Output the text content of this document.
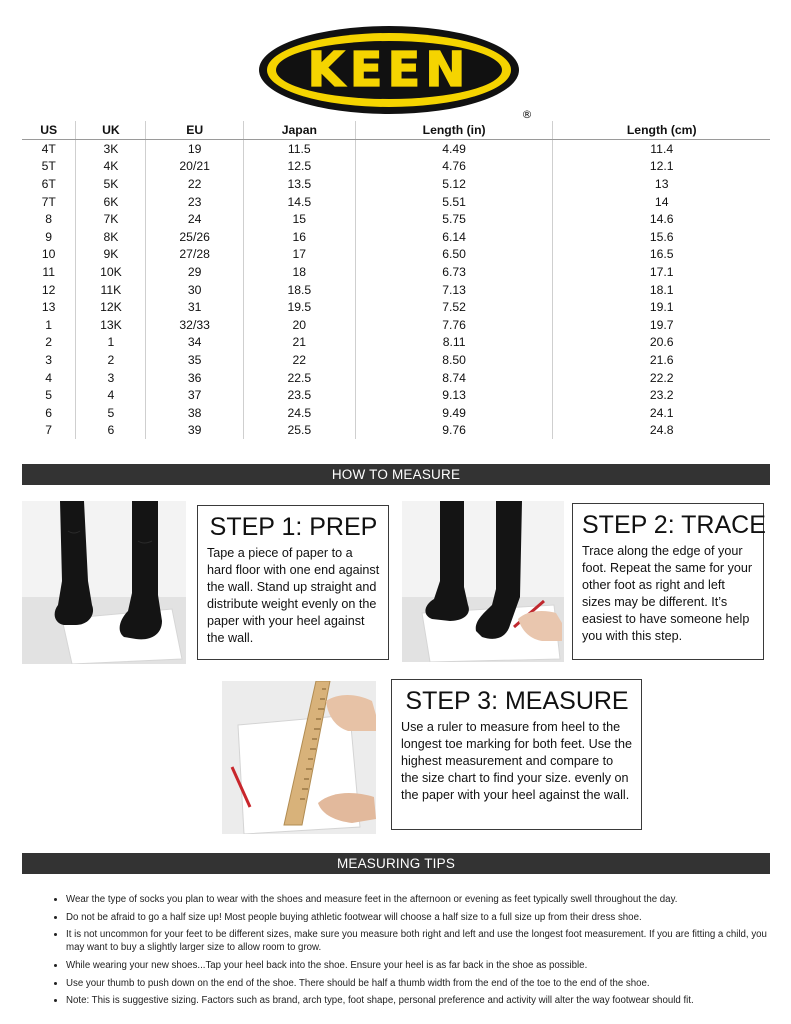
KEEN
®
US	UK	EU	Japan	Length (in)	Length (cm)
4T	3K	19	11.5	4.49	11.4
5T	4K	20/21	12.5	4.76	12.1
6T	5K	22	13.5	5.12	13
7T	6K	23	14.5	5.51	14
8	7K	24	15	5.75	14.6
9	8K	25/26	16	6.14	15.6
10	9K	27/28	17	6.50	16.5
11	10K	29	18	6.73	17.1
12	11K	30	18.5	7.13	18.1
13	12K	31	19.5	7.52	19.1
1	13K	32/33	20	7.76	19.7
2	1	34	21	8.11	20.6
3	2	35	22	8.50	21.6
4	3	36	22.5	8.74	22.2
5	4	37	23.5	9.13	23.2
6	5	38	24.5	9.49	24.1
7	6	39	25.5	9.76	24.8
HOW TO MEASURE
STEP 1: PREP

Tape a piece of paper to a hard floor with one end against the wall. Stand up straight and distribute weight evenly on the paper with your heel against the wall.

STEP 2: TRACE

Trace along the edge of your foot. Repeat the same for your other foot as right and left sizes may be different. It’s easiest to have someone help you with this step.

STEP 3: MEASURE

Use a ruler to measure from heel to the longest toe marking for both feet. Use the highest measurement and compare to the size chart to find your size. evenly on the paper with your heel against the wall.

MEASURING TIPS
• Wear the type of socks you plan to wear with the shoes and measure feet in the afternoon or evening as feet typically swell throughout the day.
• Do not be afraid to go a half size up! Most people buying athletic footwear will choose a half size to a full size up from their dress shoe.
• It is not uncommon for your feet to be different sizes, make sure you measure both right and left and use the longest foot measurement. If you are fitting a child, you may want to buy a slightly larger size to allow room to grow.
• While wearing your new shoes...Tap your heel back into the shoe. Ensure your heel is as far back in the shoe as possible.
• Use your thumb to push down on the end of the shoe. There should be half a thumb width from the end of the toe to the end of the shoe.
• Note: This is suggestive sizing. Factors such as brand, arch type, foot shape, personal preference and activity will alter the way footwear should fit.
